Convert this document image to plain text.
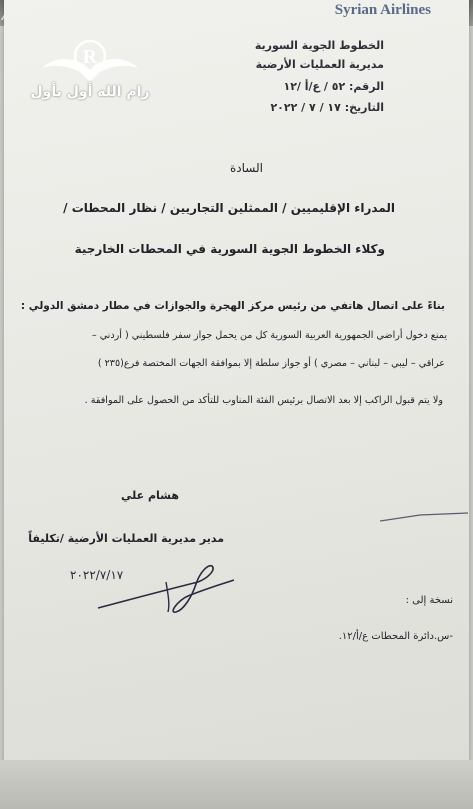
Syrian Airlines
الخطوط الجوية السورية
مديرية العمليات الأرضية
الرقم: ٥٢ / ع/أ /١٢
التاريخ: ١٧ / ٧ / ٢٠٢٢
السادة
المدراء الإقليميين / الممثلين التجاريين / نظار المحطات /
وكلاء الخطوط الجوية السورية في المحطات الخارجية
بناءً على اتصال هاتفي من رئيس مركز الهجرة والجوازات في مطار دمشق الدولي :
يمنع دخول أراضي الجمهورية العربية السورية كل من يحمل جواز سفر فلسطيني ( أردني –
عراقي – ليبي – لبناني – مصري ) أو جواز سلطة إلا بموافقة الجهات المختصة فرع(٢٣٥ )
ولا يتم قبول الراكب إلا بعد الاتصال برئيس الفئة المناوب للتأكد من الحصول على الموافقة .
هشام علي
مدير مديرية العمليات الأرضية /تكليفاً
نسخة إلى :
-س.دائرة المحطات ع/أ/١٢.
R
رام الله أول بأول
٢٠٢٢/٧/١٧
